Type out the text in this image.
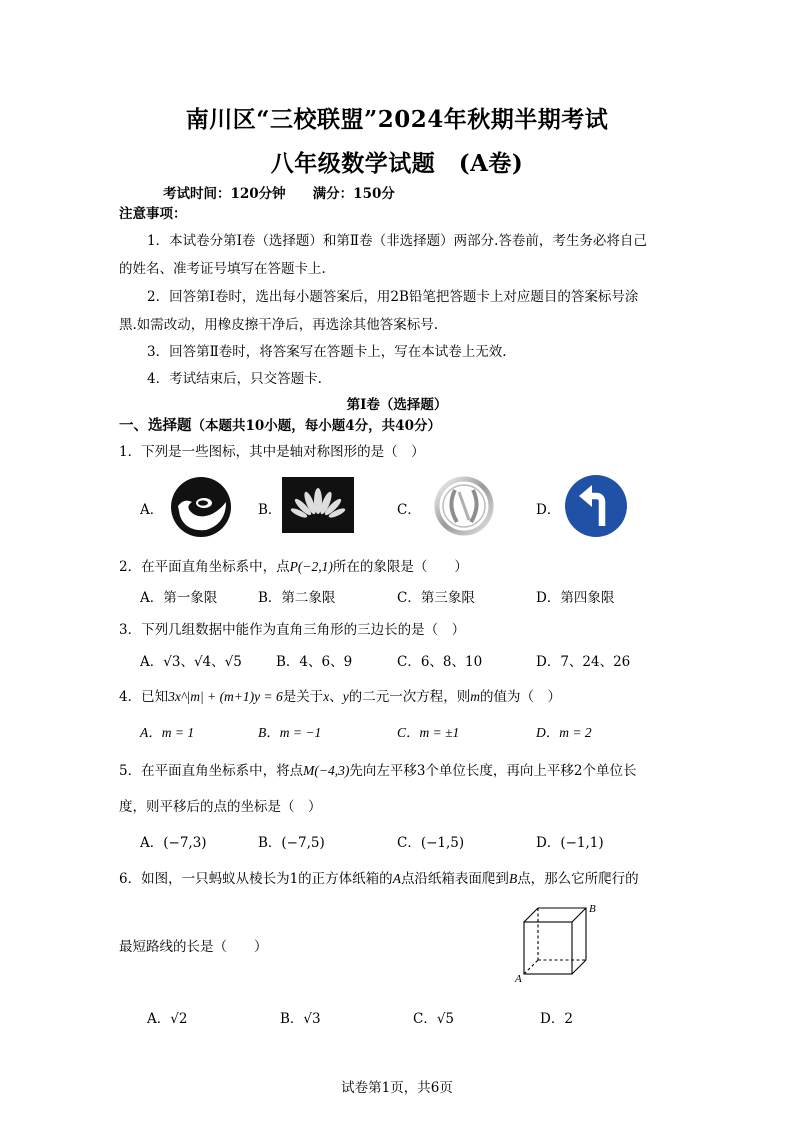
南川区“三校联盟”2024年秋期半期考试
八年级数学试题　(A卷)
考试时间：120分钟　　满分：150分
注意事项：
1．本试卷分第Ⅰ卷（选择题）和第Ⅱ卷（非选择题）两部分.答卷前，考生务必将自己
的姓名、准考证号填写在答题卡上.
2．回答第Ⅰ卷时，选出每小题答案后，用2B铅笔把答题卡上对应题目的答案标号涂
黑.如需改动，用橡皮擦干净后，再选涂其他答案标号.
3．回答第Ⅱ卷时，将答案写在答题卡上，写在本试卷上无效.
4．考试结束后，只交答题卡.
第Ⅰ卷（选择题）
一、选择题（本题共10小题，每小题4分，共40分）
1．下列是一些图标，其中是轴对称图形的是（　）
A．	B．	C．	D．
2．在平面直角坐标系中，点P(−2,1)所在的象限是（　　）
A．第一象限	B．第二象限	C．第三象限	D．第四象限
3．下列几组数据中能作为直角三角形的三边长的是（　）
A．√3、√4、√5	B．4、6、9	C．6、8、10	D．7、24、26
4．已知3x^|m| + (m+1)y = 6是关于x、y的二元一次方程，则m的值为（　）
A．m = 1	B．m = −1	C．m = ±1	D．m = 2
5．在平面直角坐标系中，将点M(−4,3)先向左平移3个单位长度，再向上平移2个单位长
度，则平移后的点的坐标是（　）
A．(−7,3)	B．(−7,5)	C．(−1,5)	D．(−1,1)
6．如图，一只蚂蚁从棱长为1的正方体纸箱的A点沿纸箱表面爬到B点，那么它所爬行的
最短路线的长是（　　）
A
B
A．√2	B．√3	C．√5	D．2
试卷第1页，共6页
